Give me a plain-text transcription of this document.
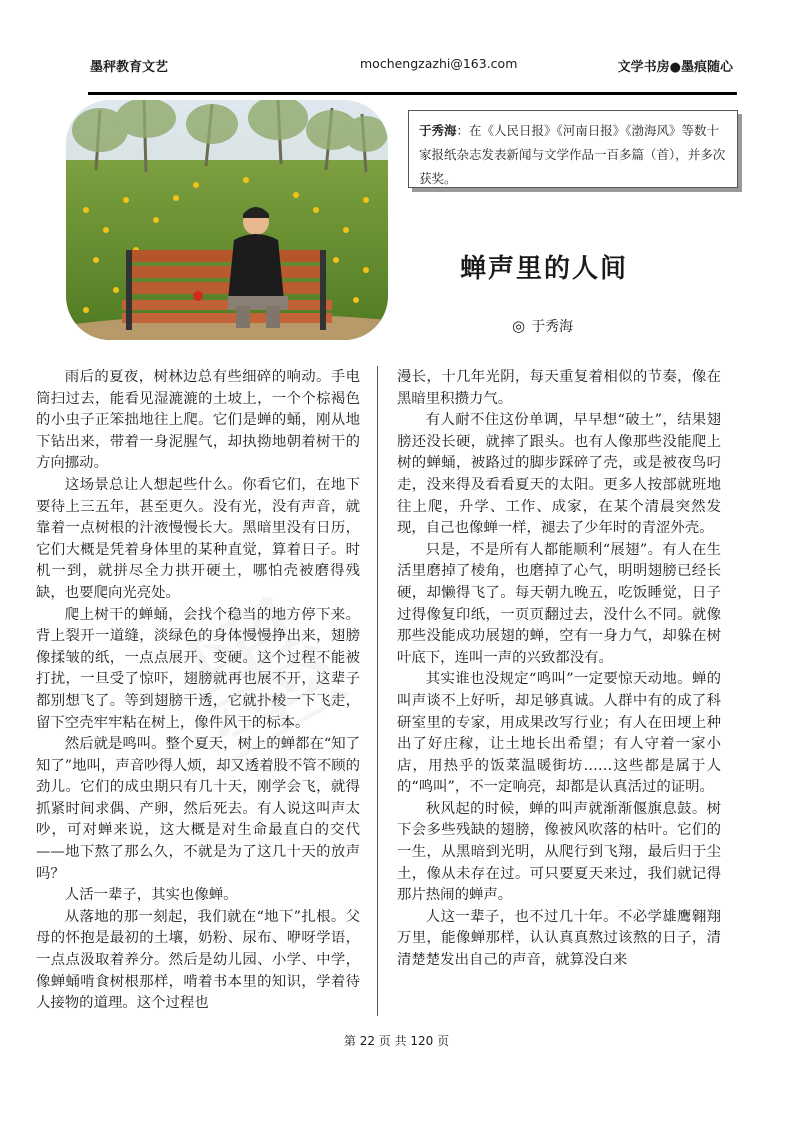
墨秤教育文艺	mochengzazhi@163.com	文学书房●墨痕随心
于秀海：在《人民日报》《河南日报》《渤海风》等数十家报纸杂志发表新闻与文学作品一百多篇（首），并多次获奖。
蝉声里的人间
◎ 于秀海

雨后的夏夜，树林边总有些细碎的响动。手电筒扫过去，能看见湿漉漉的土坡上，一个个棕褐色的小虫子正笨拙地往上爬。它们是蝉的蛹，刚从地下钻出来，带着一身泥腥气，却执拗地朝着树干的方向挪动。

这场景总让人想起些什么。你看它们，在地下要待上三五年，甚至更久。没有光，没有声音，就靠着一点树根的汁液慢慢长大。黑暗里没有日历，它们大概是凭着身体里的某种直觉，算着日子。时机一到，就拼尽全力拱开硬土，哪怕壳被磨得残缺，也要爬向光亮处。

爬上树干的蝉蛹，会找个稳当的地方停下来。背上裂开一道缝，淡绿色的身体慢慢挣出来，翅膀像揉皱的纸，一点点展开、变硬。这个过程不能被打扰，一旦受了惊吓，翅膀就再也展不开，这辈子都别想飞了。等到翅膀干透，它就扑棱一下飞走，留下空壳牢牢粘在树上，像件风干的标本。

然后就是鸣叫。整个夏天，树上的蝉都在“知了知了”地叫，声音吵得人烦，却又透着股不管不顾的劲儿。它们的成虫期只有几十天，刚学会飞，就得抓紧时间求偶、产卵，然后死去。有人说这叫声太吵，可对蝉来说，这大概是对生命最直白的交代——地下熬了那么久，不就是为了这几十天的放声吗？

人活一辈子，其实也像蝉。

从落地的那一刻起，我们就在“地下”扎根。父母的怀抱是最初的土壤，奶粉、尿布、咿呀学语，一点点汲取着养分。然后是幼儿园、小学、中学，像蝉蛹啃食树根那样，啃着书本里的知识，学着待人接物的道理。这个过程也

漫长，十几年光阴，每天重复着相似的节奏，像在黑暗里积攒力气。

有人耐不住这份单调，早早想“破土”，结果翅膀还没长硬，就摔了跟头。也有人像那些没能爬上树的蝉蛹，被路过的脚步踩碎了壳，或是被夜鸟叼走，没来得及看看夏天的太阳。更多人按部就班地往上爬，升学、工作、成家，在某个清晨突然发现，自己也像蝉一样，褪去了少年时的青涩外壳。

只是，不是所有人都能顺利“展翅”。有人在生活里磨掉了棱角，也磨掉了心气，明明翅膀已经长硬，却懒得飞了。每天朝九晚五，吃饭睡觉，日子过得像复印纸，一页页翻过去，没什么不同。就像那些没能成功展翅的蝉，空有一身力气，却躲在树叶底下，连叫一声的兴致都没有。

其实谁也没规定“鸣叫”一定要惊天动地。蝉的叫声谈不上好听，却足够真诚。人群中有的成了科研室里的专家，用成果改写行业；有人在田埂上种出了好庄稼，让土地长出希望；有人守着一家小店，用热乎的饭菜温暖街坊……这些都是属于人的“鸣叫”，不一定响亮，却都是认真活过的证明。

秋风起的时候，蝉的叫声就渐渐偃旗息鼓。树下会多些残缺的翅膀，像被风吹落的枯叶。它们的一生，从黑暗到光明，从爬行到飞翔，最后归于尘土，像从未存在过。可只要夏天来过，我们就记得那片热闹的蝉声。

人这一辈子，也不过几十年。不必学雄鹰翱翔万里，能像蝉那样，认认真真熬过该熬的日子，清清楚楚发出自己的声音，就算没白来

第 22 页 共 120 页
